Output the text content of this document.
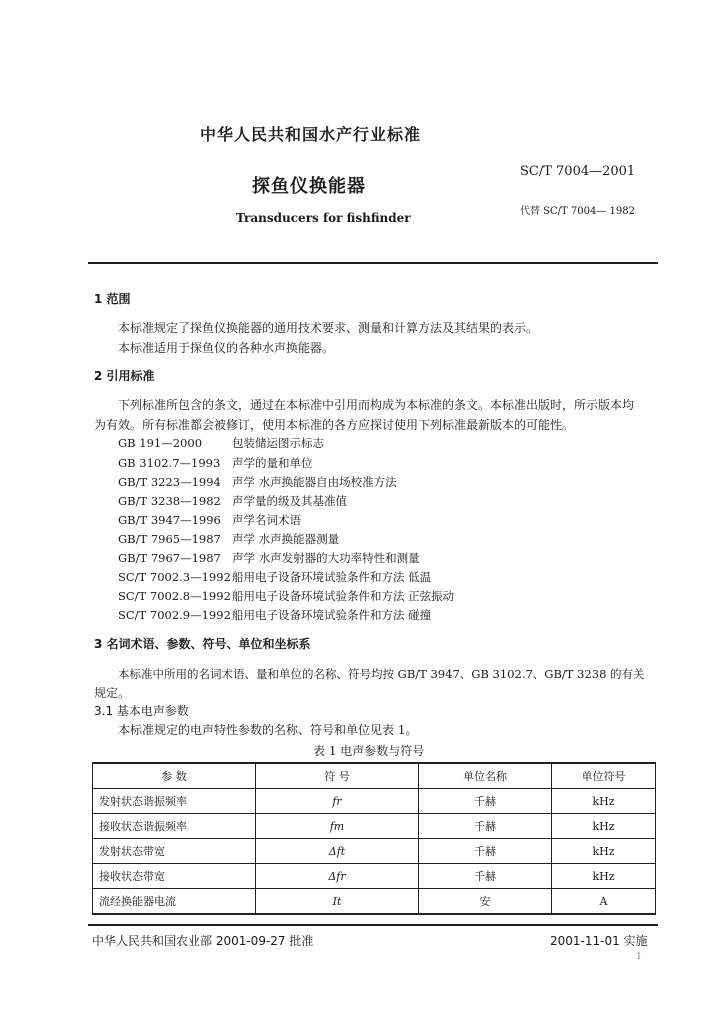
中华人民共和国水产行业标准
探鱼仪换能器
Transducers for fishfinder
SC/T 7004—2001
代替 SC/T 7004— 1982
1 范围
本标准规定了探鱼仪换能器的通用技术要求、测量和计算方法及其结果的表示。
本标准适用于探鱼仪的各种水声换能器。
2 引用标准
下列标准所包含的条文，通过在本标准中引用而构成为本标准的条文。本标准出版时，所示版本均
为有效。所有标准都会被修订，使用本标准的各方应探讨使用下列标准最新版本的可能性。
GB 191—2000	包装储运图示标志
GB 3102.7—1993 声学的量和单位
GB/T 3223—1994 声学 水声换能器自由场校准方法
GB/T 3238—1982 声学量的级及其基准值
GB/T 3947—1996 声学名词术语
GB/T 7965—1987 声学 水声换能器测量
GB/T 7967—1987 声学 水声发射器的大功率特性和测量
SC/T 7002.3—1992船用电子设备环境试验条件和方法 低温
SC/T 7002.8—1992船用电子设备环境试验条件和方法 正弦振动
SC/T 7002.9—1992船用电子设备环境试验条件和方法 碰撞
3 名词术语、参数、符号、单位和坐标系
本标准中所用的名词术语、量和单位的名称、符号均按 GB/T 3947、GB 3102.7、GB/T 3238 的有关
规定。
3.1 基本电声参数
本标准规定的电声特性参数的名称、符号和单位见表 1。
表 1 电声参数与符号
参 数	符 号	单位名称	单位符号
发射状态谐振频率	fr	千赫	kHz
接收状态谐振频率	fm	千赫	kHz
发射状态带宽	Δft	千赫	kHz
接收状态带宽	Δfr	千赫	kHz
流经换能器电流	It	安	A
中华人民共和国农业部 2001-09-27 批准	2001-11-01 实施
1
